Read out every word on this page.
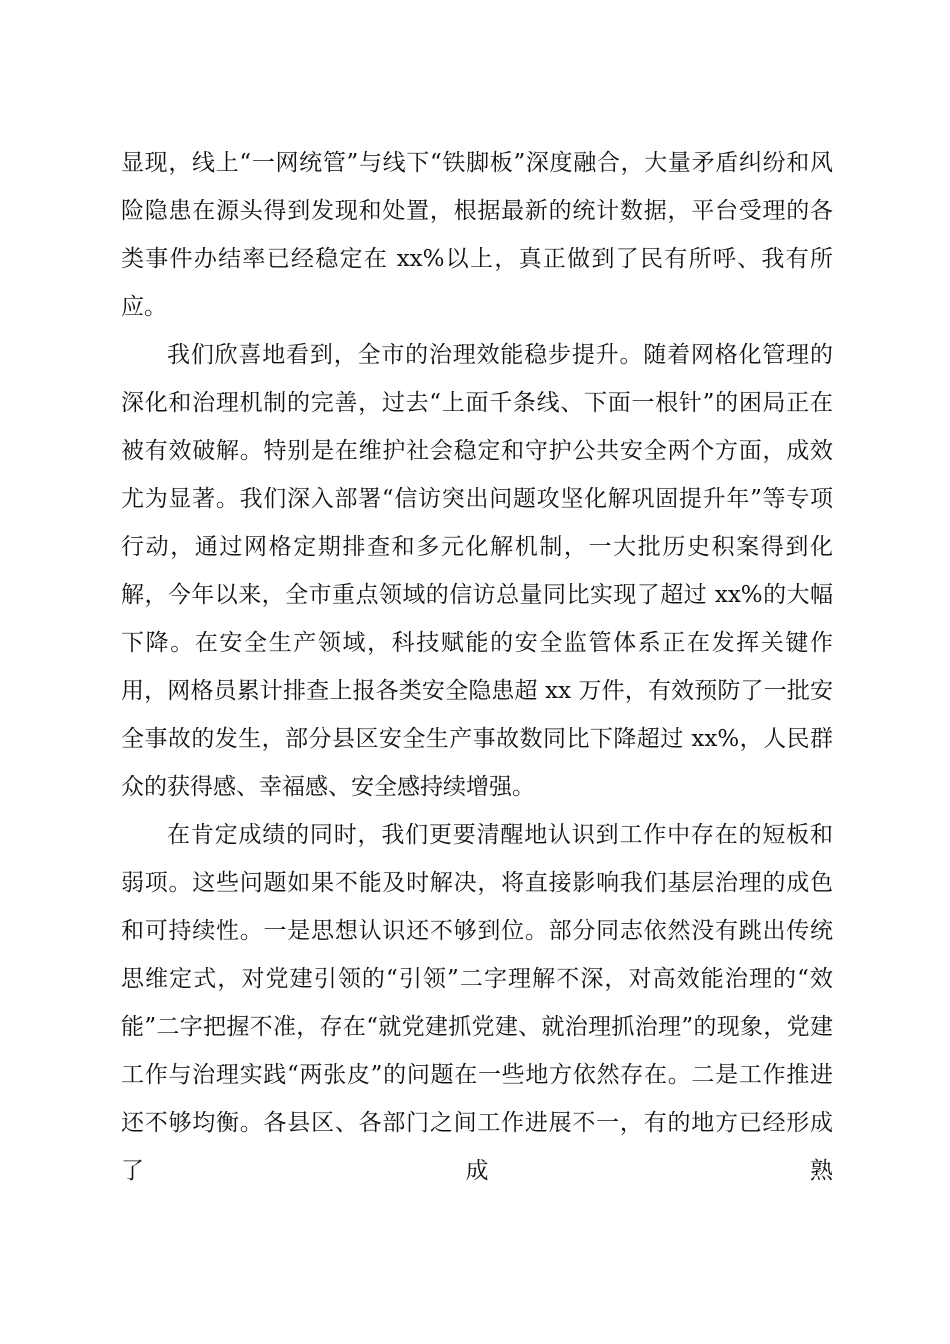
显现，线上“一网统管”与线下“铁脚板”深度融合，大量矛盾纠纷和风险隐患在源头得到发现和处置，根据最新的统计数据，平台受理的各类事件办结率已经稳定在 xx%以上，真正做到了民有所呼、我有所应。

我们欣喜地看到，全市的治理效能稳步提升。随着网格化管理的深化和治理机制的完善，过去“上面千条线、下面一根针”的困局正在被有效破解。特别是在维护社会稳定和守护公共安全两个方面，成效尤为显著。我们深入部署“信访突出问题攻坚化解巩固提升年”等专项行动，通过网格定期排查和多元化解机制，一大批历史积案得到化解，今年以来，全市重点领域的信访总量同比实现了超过 xx%的大幅下降。在安全生产领域，科技赋能的安全监管体系正在发挥关键作用，网格员累计排查上报各类安全隐患超 xx 万件，有效预防了一批安全事故的发生，部分县区安全生产事故数同比下降超过 xx%，人民群众的获得感、幸福感、安全感持续增强。

在肯定成绩的同时，我们更要清醒地认识到工作中存在的短板和弱项。这些问题如果不能及时解决，将直接影响我们基层治理的成色和可持续性。一是思想认识还不够到位。部分同志依然没有跳出传统思维定式，对党建引领的“引领”二字理解不深，对高效能治理的“效能”二字把握不准，存在“就党建抓党建、就治理抓治理”的现象，党建工作与治理实践“两张皮”的问题在一些地方依然存在。二是工作推进还不够均衡。各县区、各部门之间工作进展不一，有的地方已经形成了成熟
